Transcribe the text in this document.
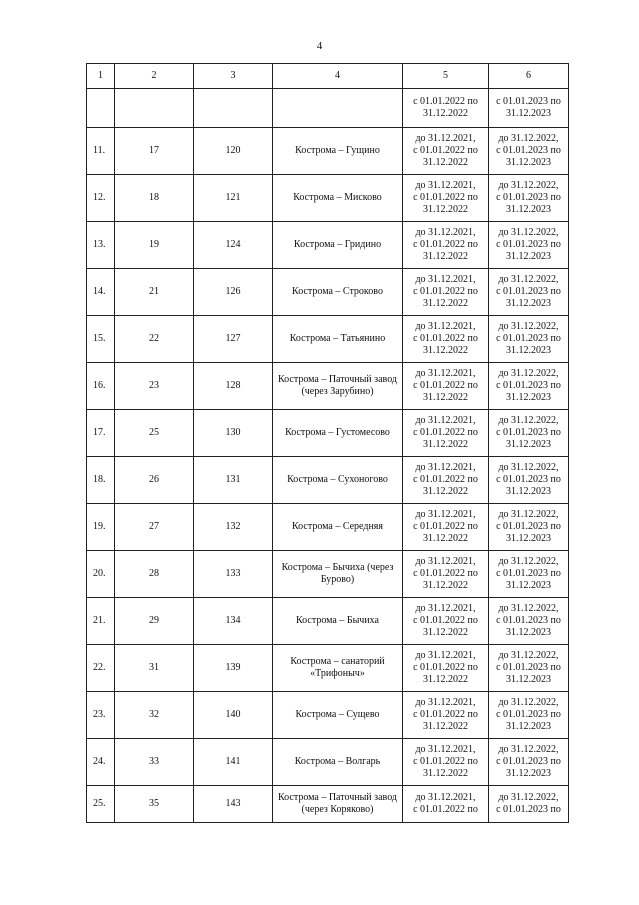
4
1	2	3	4	5	6

				с 01.01.2022 по
31.12.2022	с 01.01.2023 по
31.12.2023

11.	17	120	Кострома – Гущино	до 31.12.2021,
с 01.01.2022 по
31.12.2022	до 31.12.2022,
с 01.01.2023 по
31.12.2023

12.	18	121	Кострома – Мисково	до 31.12.2021,
с 01.01.2022 по
31.12.2022	до 31.12.2022,
с 01.01.2023 по
31.12.2023

13.	19	124	Кострома – Гридино	до 31.12.2021,
с 01.01.2022 по
31.12.2022	до 31.12.2022,
с 01.01.2023 по
31.12.2023

14.	21	126	Кострома – Строково	до 31.12.2021,
с 01.01.2022 по
31.12.2022	до 31.12.2022,
с 01.01.2023 по
31.12.2023

15.	22	127	Кострома – Татьянино	до 31.12.2021,
с 01.01.2022 по
31.12.2022	до 31.12.2022,
с 01.01.2023 по
31.12.2023

16.	23	128	Кострома – Паточный завод (через Зарубино)	до 31.12.2021,
с 01.01.2022 по
31.12.2022	до 31.12.2022,
с 01.01.2023 по
31.12.2023

17.	25	130	Кострома – Густомесово	до 31.12.2021,
с 01.01.2022 по
31.12.2022	до 31.12.2022,
с 01.01.2023 по
31.12.2023

18.	26	131	Кострома – Сухоногово	до 31.12.2021,
с 01.01.2022 по
31.12.2022	до 31.12.2022,
с 01.01.2023 по
31.12.2023

19.	27	132	Кострома – Середняя	до 31.12.2021,
с 01.01.2022 по
31.12.2022	до 31.12.2022,
с 01.01.2023 по
31.12.2023

20.	28	133	Кострома – Бычиха (через Бурово)	до 31.12.2021,
с 01.01.2022 по
31.12.2022	до 31.12.2022,
с 01.01.2023 по
31.12.2023

21.	29	134	Кострома – Бычиха	до 31.12.2021,
с 01.01.2022 по
31.12.2022	до 31.12.2022,
с 01.01.2023 по
31.12.2023

22.	31	139	Кострома – санаторий «Трифоныч»	до 31.12.2021,
с 01.01.2022 по
31.12.2022	до 31.12.2022,
с 01.01.2023 по
31.12.2023

23.	32	140	Кострома – Сущево	до 31.12.2021,
с 01.01.2022 по
31.12.2022	до 31.12.2022,
с 01.01.2023 по
31.12.2023

24.	33	141	Кострома – Волгарь	до 31.12.2021,
с 01.01.2022 по
31.12.2022	до 31.12.2022,
с 01.01.2023 по
31.12.2023

25.	35	143	Кострома – Паточный завод (через Коряково)	до 31.12.2021,
с 01.01.2022 по	до 31.12.2022,
с 01.01.2023 по
